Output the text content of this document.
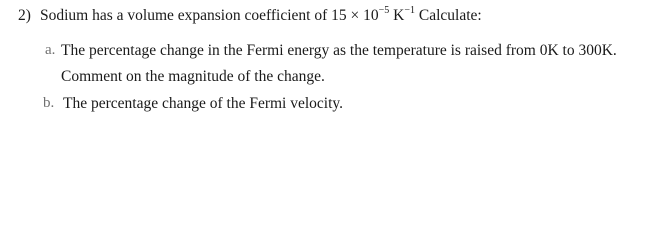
2) Sodium has a volume expansion coefficient of $15 \times 10^{-5}$ $K^{-1}$ Calculate:
a. The percentage change in the Fermi energy as the temperature is raised from 0K to 300K.
Comment on the magnitude of the change.
b. The percentage change of the Fermi velocity.
